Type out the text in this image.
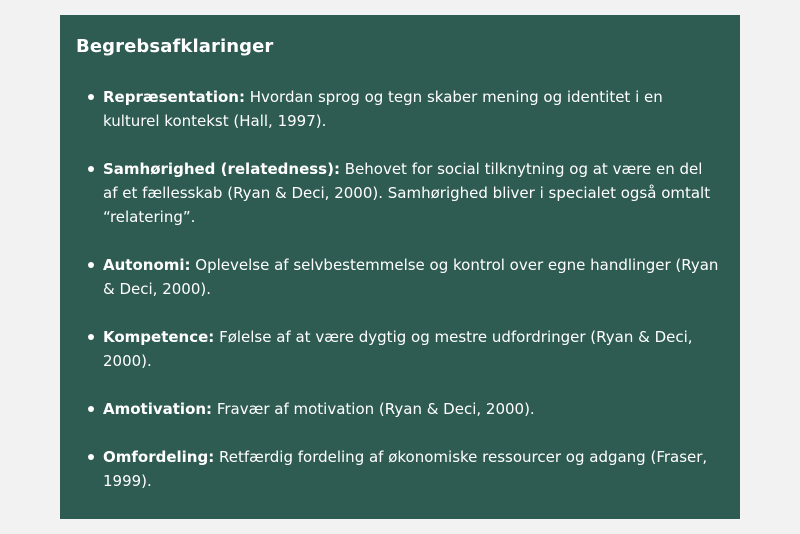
Begrebsafklaringer
Repræsentation: Hvordan sprog og tegn skaber mening og identitet i en kulturel kontekst (Hall, 1997).
Samhørighed (relatedness): Behovet for social tilknytning og at være en del af et fællesskab (Ryan & Deci, 2000). Samhørighed bliver i specialet også omtalt “relatering”.
Autonomi: Oplevelse af selvbestemmelse og kontrol over egne handlinger (Ryan & Deci, 2000).
Kompetence: Følelse af at være dygtig og mestre udfordringer (Ryan & Deci, 2000).
Amotivation: Fravær af motivation (Ryan & Deci, 2000).
Omfordeling: Retfærdig fordeling af økonomiske ressourcer og adgang (Fraser, 1999).
